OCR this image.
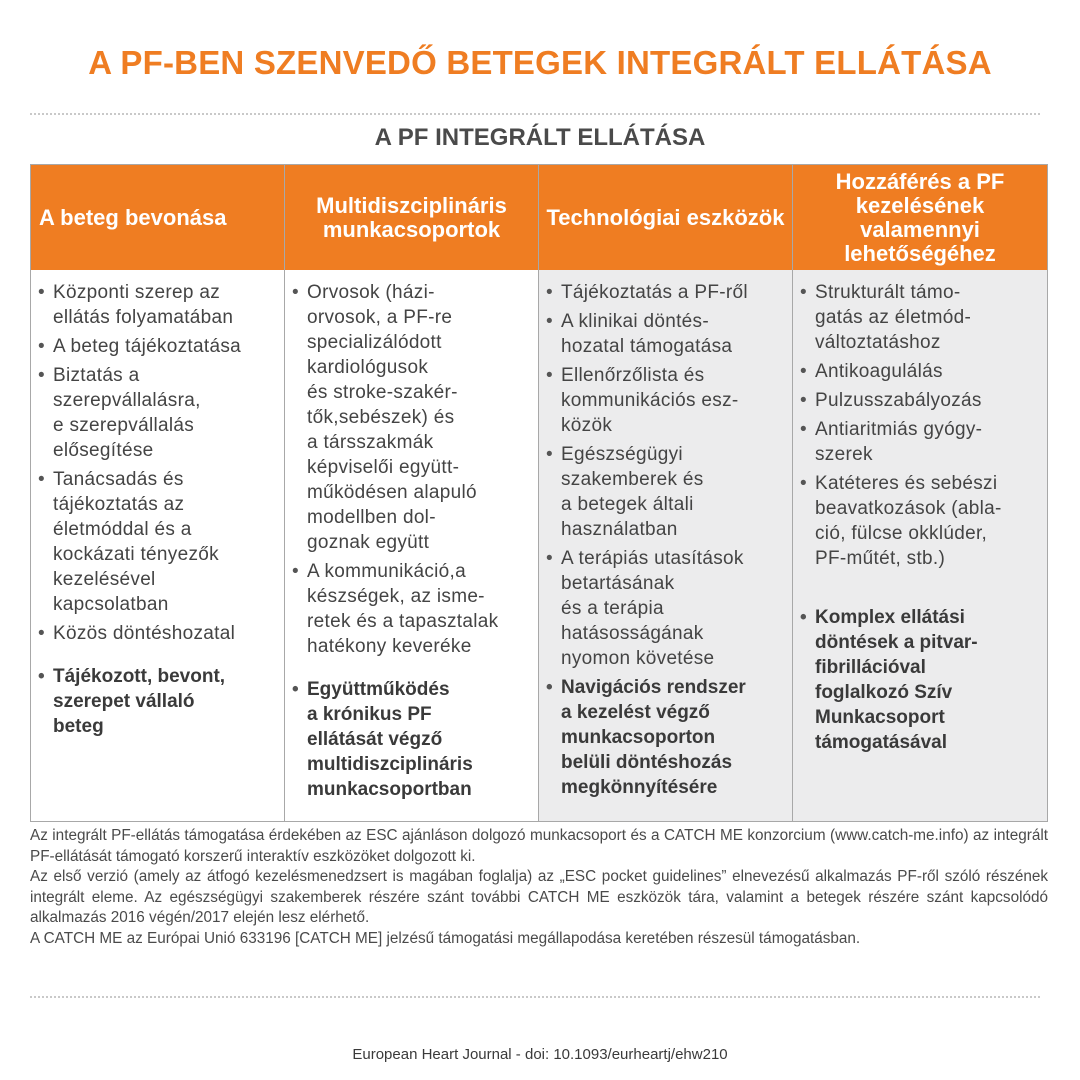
A PF-BEN SZENVEDŐ BETEGEK INTEGRÁLT ELLÁTÁSA
A PF INTEGRÁLT ELLÁTÁSA
A beteg bevonása
• Központi szerep az
ellátás folyamatában
• A beteg tájékoztatása
• Biztatás a
szerepvállalásra,
e szerepvállalás
elősegítése
• Tanácsadás és
tájékoztatás az
életmóddal és a
kockázati tényezők
kezelésével
kapcsolatban
• Közös döntéshozatal
• Tájékozott, bevont,
szerepet vállaló
beteg
Multidiszciplináris munkacsoportok
• Orvosok (házi-
orvosok, a PF-re
specializálódott
kardiológusok
és stroke-szakér-
tők,sebészek) és
a társszakmák
képviselői együtt-
működésen alapuló
modellben dol-
goznak együtt
• A kommunikáció,a
készségek, az isme-
retek és a tapasztalak
hatékony keveréke
• Együttműködés
a krónikus PF
ellátását végző
multidiszciplináris
munkacsoportban
Technológiai eszközök
• Tájékoztatás a PF-ről
• A klinikai döntés-
hozatal támogatása
• Ellenőrzőlista és
kommunikációs esz-
közök
• Egészségügyi
szakemberek és
a betegek általi
használatban
• A terápiás utasítások
betartásának
és a terápia
hatásosságának
nyomon követése
• Navigációs rendszer
a kezelést végző
munkacsoporton
belüli döntéshozás
megkönnyítésére
Hozzáférés a PF kezelésének valamennyi lehetőségéhez
• Strukturált támo-
gatás az életmód-
változtatáshoz
• Antikoagulálás
• Pulzusszabályozás
• Antiaritmiás gyógy-
szerek
• Katéteres és sebészi
beavatkozások (abla-
ció, fülcse okklúder,
PF-műtét, stb.)
• Komplex ellátási
döntések a pitvar-
fibrillációval
foglalkozó Szív
Munkacsoport
támogatásával

Az integrált PF-ellátás támogatása érdekében az ESC ajánláson dolgozó munkacsoport és a CATCH ME konzorcium (www.catch-me.info) az integrált PF-ellátását támogató korszerű interaktív eszközöket dolgozott ki.

Az első verzió (amely az átfogó kezelésmenedzsert is magában foglalja) az „ESC pocket guidelines” elnevezésű alkalmazás PF-ről szóló részének integrált eleme. Az egészségügyi szakemberek részére szánt további CATCH ME eszközök tára, valamint a betegek részére szánt kapcsolódó alkalmazás 2016 végén/2017 elején lesz elérhető.

A CATCH ME az Európai Unió 633196 [CATCH ME] jelzésű támogatási megállapodása keretében részesül támogatásban.

European Heart Journal - doi: 10.1093/eurheartj/ehw210
